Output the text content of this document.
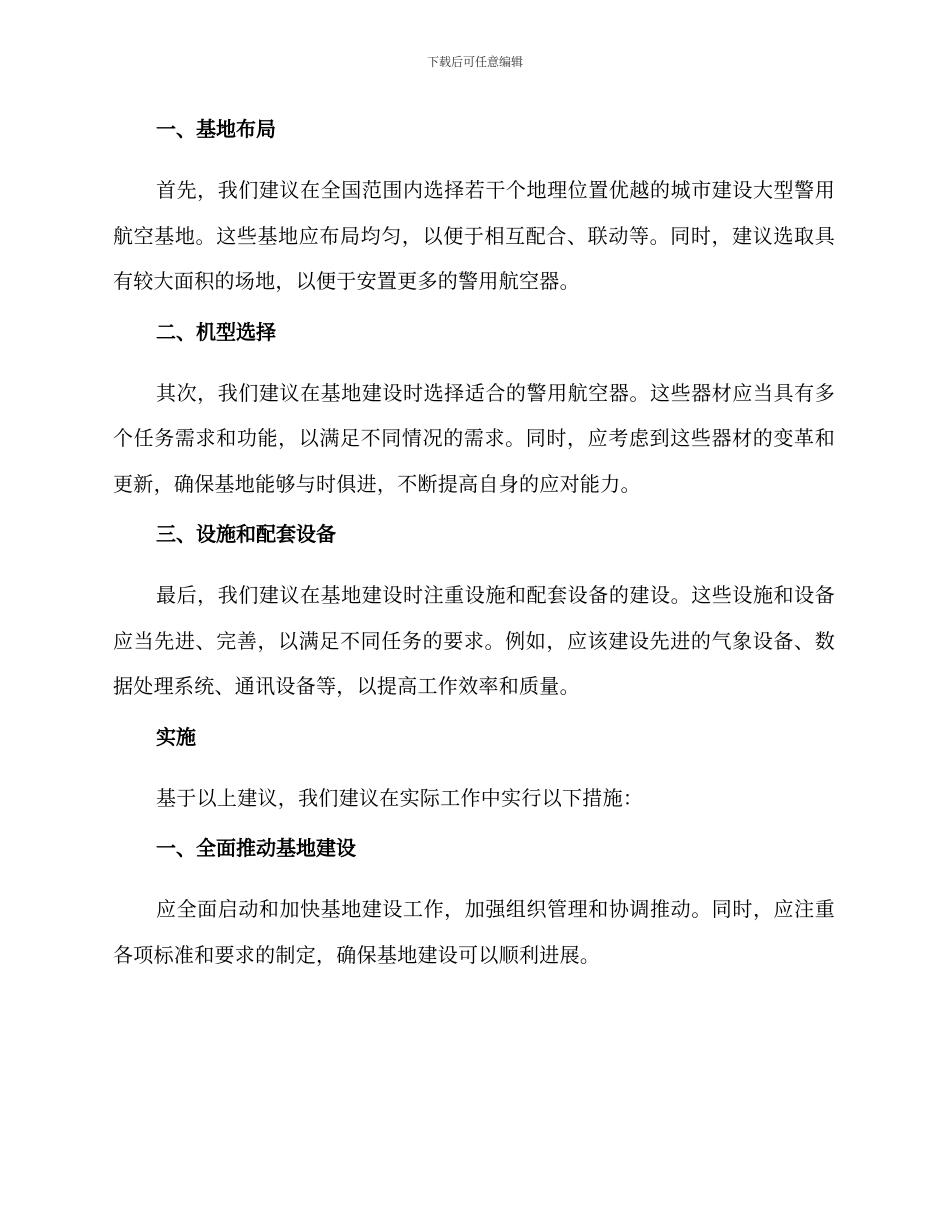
下载后可任意编辑
一、基地布局
首先，我们建议在全国范围内选择若干个地理位置优越的城市建设大型警用航空基地。这些基地应布局均匀，以便于相互配合、联动等。同时，建议选取具有较大面积的场地，以便于安置更多的警用航空器。
二、机型选择
其次，我们建议在基地建设时选择适合的警用航空器。这些器材应当具有多个任务需求和功能，以满足不同情况的需求。同时，应考虑到这些器材的变革和更新，确保基地能够与时俱进，不断提高自身的应对能力。
三、设施和配套设备
最后，我们建议在基地建设时注重设施和配套设备的建设。这些设施和设备应当先进、完善，以满足不同任务的要求。例如，应该建设先进的气象设备、数据处理系统、通讯设备等，以提高工作效率和质量。
实施
基于以上建议，我们建议在实际工作中实行以下措施：
一、全面推动基地建设
应全面启动和加快基地建设工作，加强组织管理和协调推动。同时，应注重各项标准和要求的制定，确保基地建设可以顺利进展。
